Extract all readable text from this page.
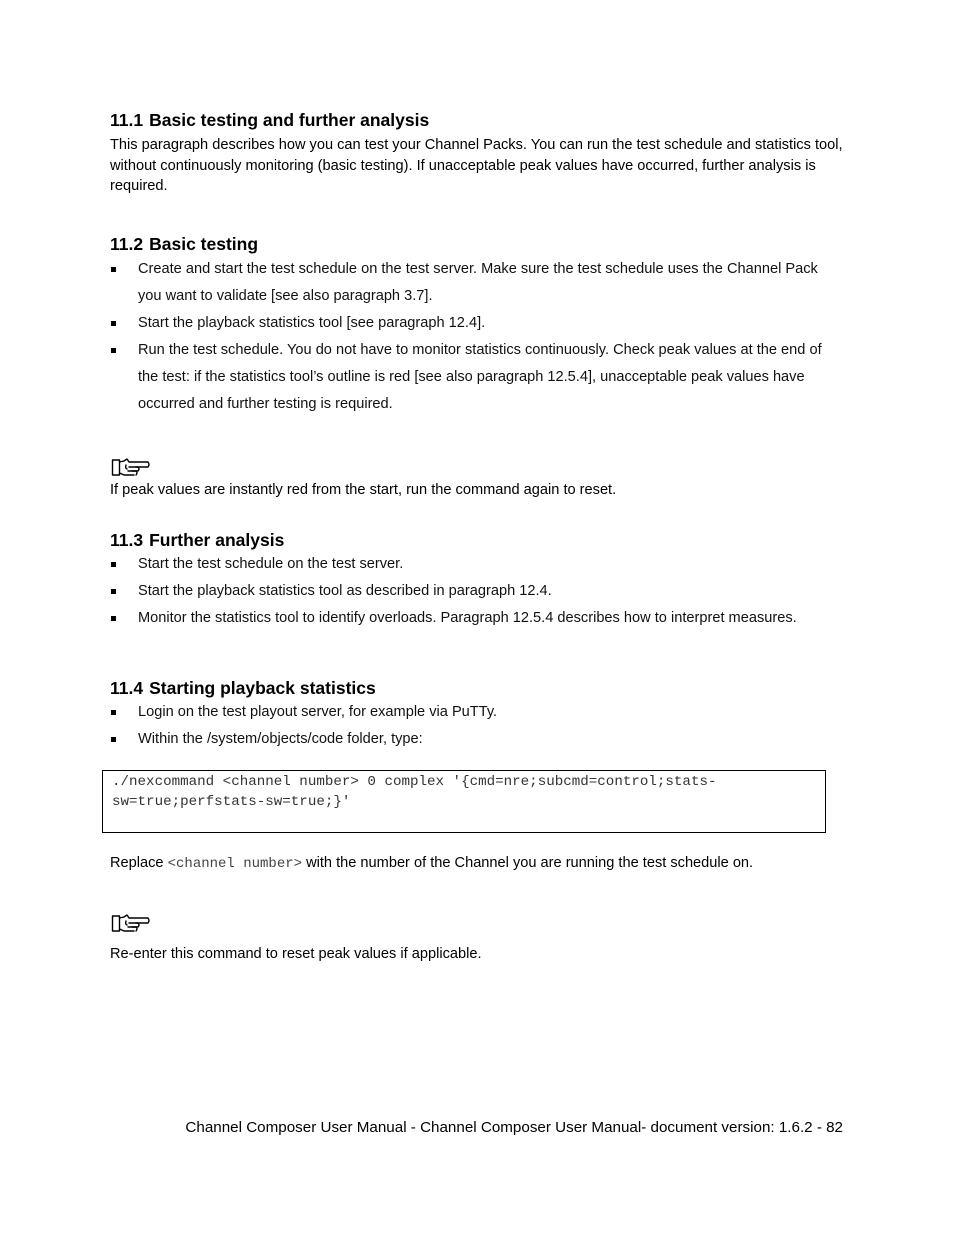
11.1 Basic testing and further analysis

This paragraph describes how you can test your Channel Packs. You can run the test schedule and statistics tool, without continuously monitoring (basic testing). If unacceptable peak values have occurred, further analysis is required.

11.2 Basic testing
Create and start the test schedule on the test server. Make sure the test schedule uses the Channel Pack you want to validate [see also paragraph 3.7].
Start the playback statistics tool [see paragraph 12.4].
Run the test schedule. You do not have to monitor statistics continuously. Check peak values at the end of the test: if the statistics tool’s outline is red [see also paragraph 12.5.4], unacceptable peak values have occurred and further testing is required.

If peak values are instantly red from the start, run the command again to reset.

11.3 Further analysis
Start the test schedule on the test server.
Start the playback statistics tool as described in paragraph 12.4.
Monitor the statistics tool to identify overloads. Paragraph 12.5.4 describes how to interpret measures.
11.4 Starting playback statistics
Login on the test playout server, for example via PuTTy.
Within the /system/objects/code folder, type:
./nexcommand <channel number> 0 complex '{cmd=nre;subcmd=control;stats-
sw=true;perfstats-sw=true;}'

Replace <channel number> with the number of the Channel you are running the test schedule on.

Re-enter this command to reset peak values if applicable.

Channel Composer User Manual - Channel Composer User Manual- document version: 1.6.2 - 82
